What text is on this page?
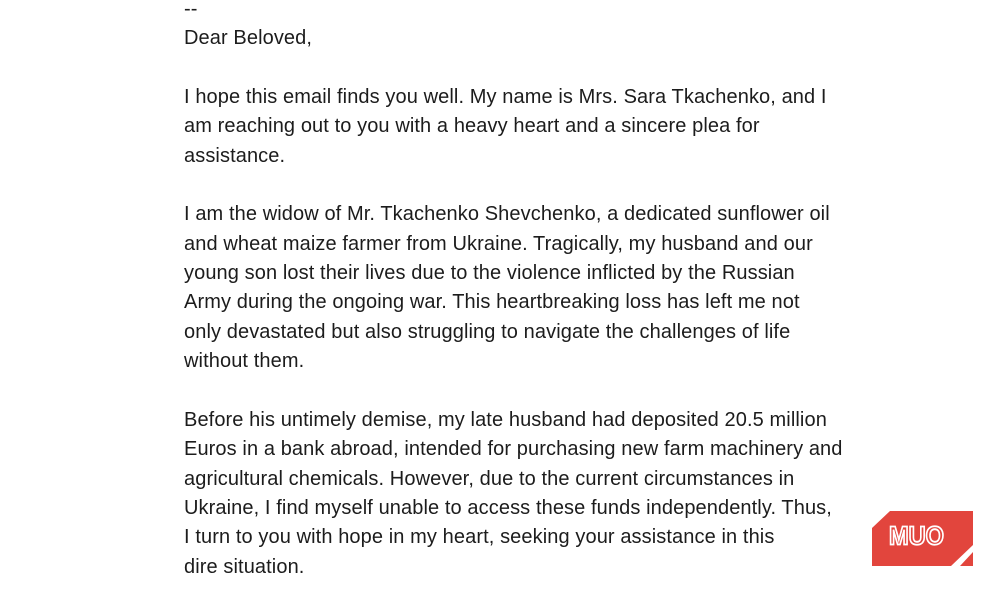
--
Dear Beloved,
I hope this email finds you well. My name is Mrs. Sara Tkachenko, and I
am reaching out to you with a heavy heart and a sincere plea for
assistance.
I am the widow of Mr. Tkachenko Shevchenko, a dedicated sunflower oil
and wheat maize farmer from Ukraine. Tragically, my husband and our
young son lost their lives due to the violence inflicted by the Russian
Army during the ongoing war. This heartbreaking loss has left me not
only devastated but also struggling to navigate the challenges of life
without them.
Before his untimely demise, my late husband had deposited 20.5 million
Euros in a bank abroad, intended for purchasing new farm machinery and
agricultural chemicals. However, due to the current circumstances in
Ukraine, I find myself unable to access these funds independently. Thus,
I turn to you with hope in my heart, seeking your assistance in this
dire situation.
MUO
